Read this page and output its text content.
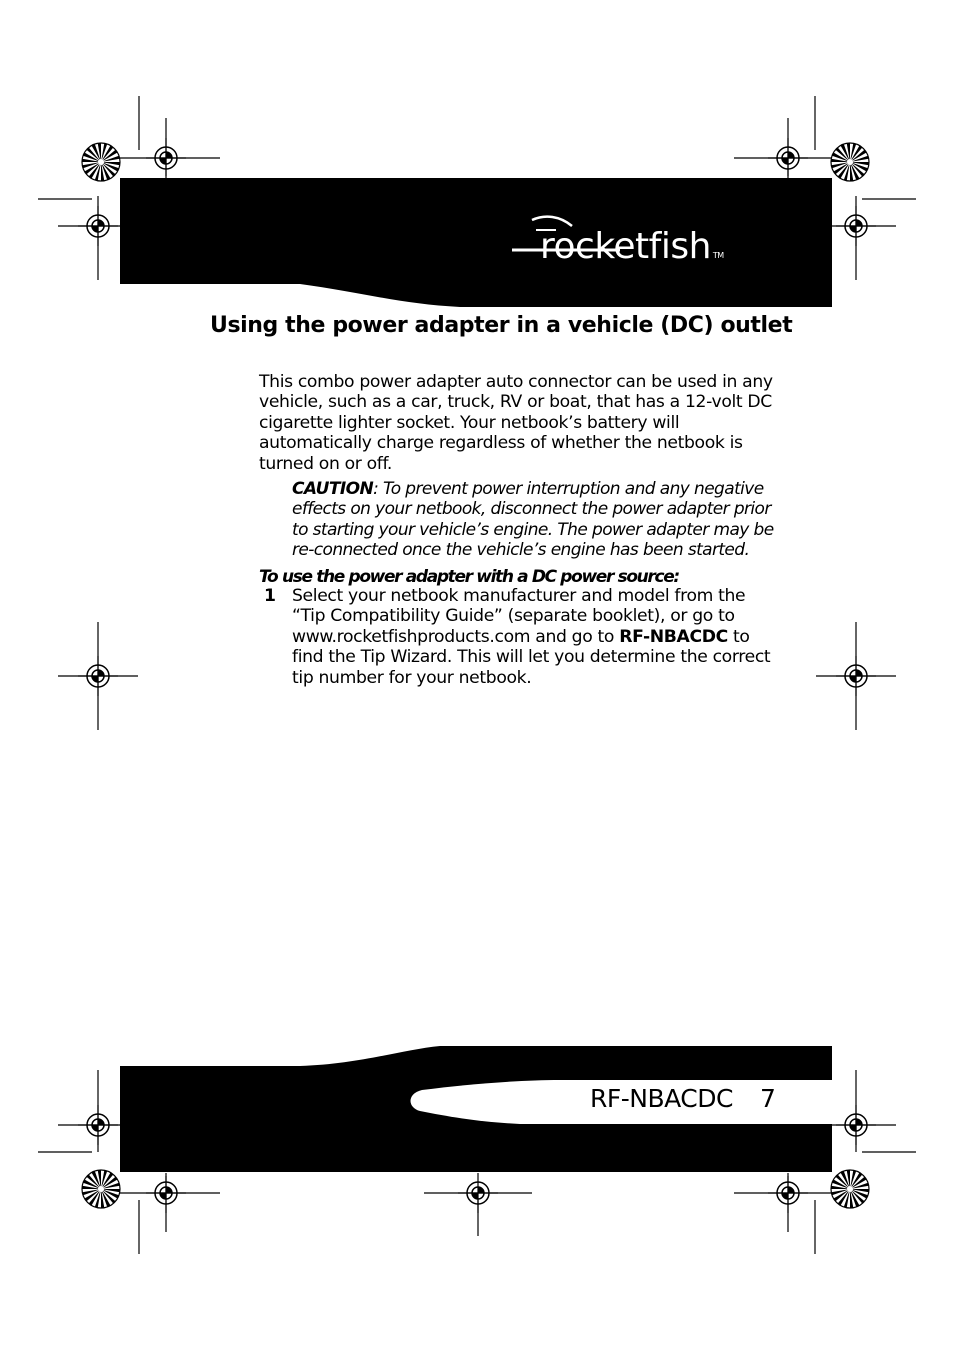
rocketfish TM
Using the power adapter in a vehicle (DC) outlet

This combo power adapter auto connector can be used in any vehicle, such as a car, truck, RV or boat, that has a 12-volt DC cigarette lighter socket. Your netbook’s battery will automatically charge regardless of whether the netbook is turned on or off.

CAUTION: To prevent power interruption and any negative effects on your netbook, disconnect the power adapter prior to starting your vehicle’s engine. The power adapter may be re-connected once the vehicle’s engine has been started.

To use the power adapter with a DC power source:

1 Select your netbook manufacturer and model from the “Tip Compatibility Guide” (separate booklet), or go to www.rocketfishproducts.com and go to RF-NBACDC to find the Tip Wizard. This will let you determine the correct tip number for your netbook.

RF-NBACDC 7
